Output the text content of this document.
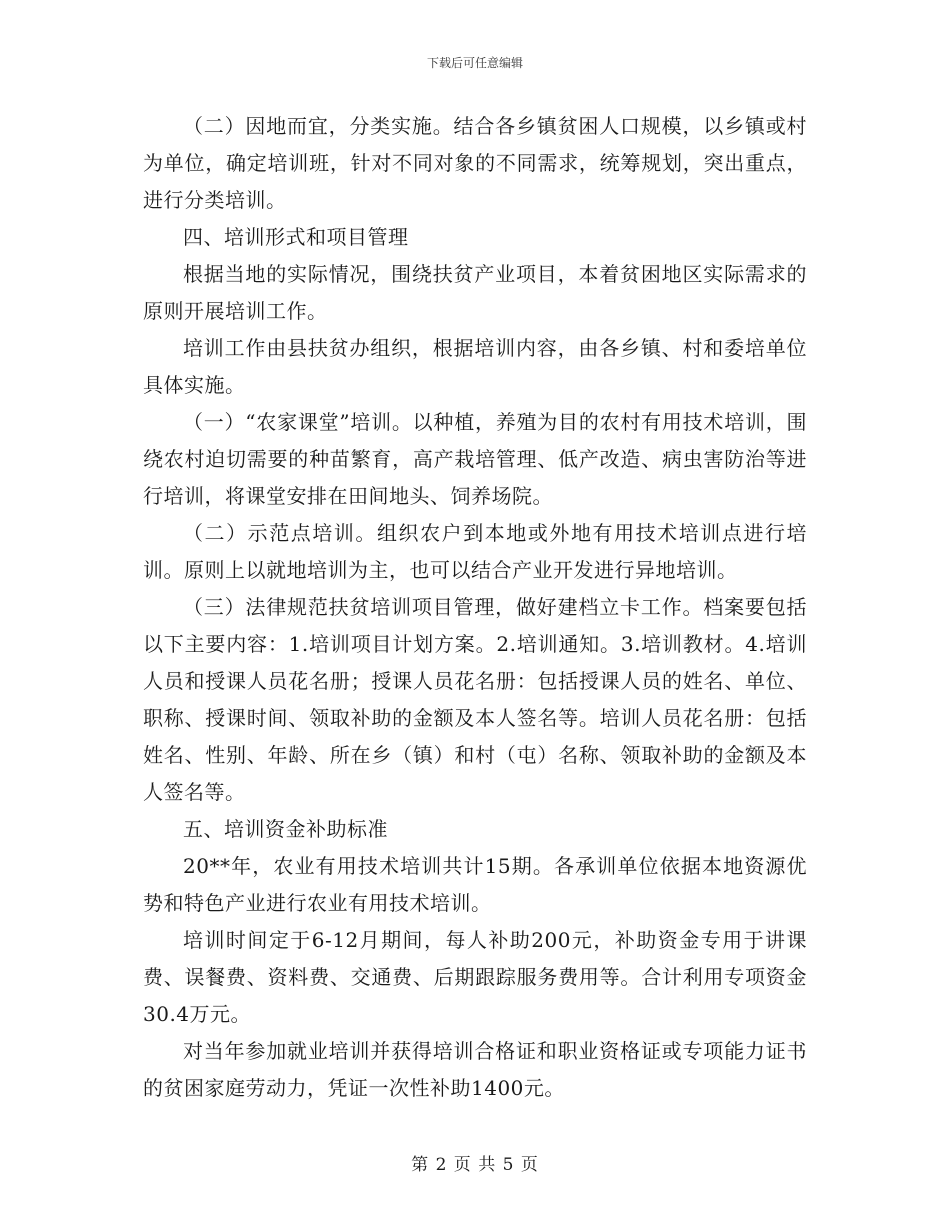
下载后可任意编辑

（二）因地而宜，分类实施。结合各乡镇贫困人口规模，以乡镇或村为单位，确定培训班，针对不同对象的不同需求，统筹规划，突出重点，进行分类培训。

四、培训形式和项目管理

根据当地的实际情况，围绕扶贫产业项目，本着贫困地区实际需求的原则开展培训工作。

培训工作由县扶贫办组织，根据培训内容，由各乡镇、村和委培单位具体实施。

（一）“农家课堂”培训。以种植，养殖为目的农村有用技术培训，围绕农村迫切需要的种苗繁育，高产栽培管理、低产改造、病虫害防治等进行培训，将课堂安排在田间地头、饲养场院。

（二）示范点培训。组织农户到本地或外地有用技术培训点进行培训。原则上以就地培训为主，也可以结合产业开发进行异地培训。

（三）法律规范扶贫培训项目管理，做好建档立卡工作。档案要包括以下主要内容：1.培训项目计划方案。2.培训通知。3.培训教材。4.培训人员和授课人员花名册；授课人员花名册：包括授课人员的姓名、单位、职称、授课时间、领取补助的金额及本人签名等。培训人员花名册：包括姓名、性别、年龄、所在乡（镇）和村（屯）名称、领取补助的金额及本人签名等。

五、培训资金补助标准

20**年，农业有用技术培训共计15期。各承训单位依据本地资源优势和特色产业进行农业有用技术培训。

培训时间定于6-12月期间，每人补助200元，补助资金专用于讲课费、误餐费、资料费、交通费、后期跟踪服务费用等。合计利用专项资金30.4万元。

对当年参加就业培训并获得培训合格证和职业资格证或专项能力证书的贫困家庭劳动力，凭证一次性补助1400元。

第 2 页 共 5 页
